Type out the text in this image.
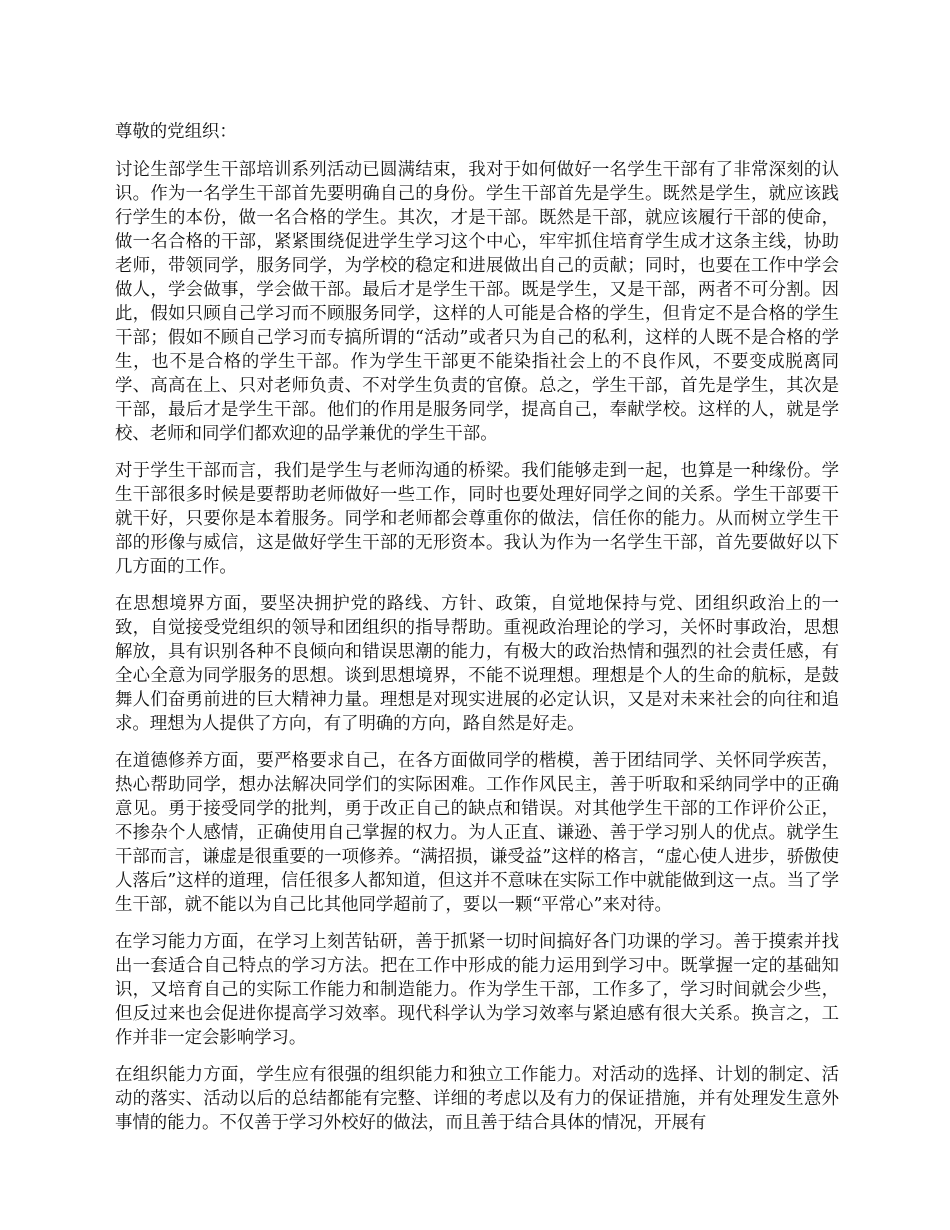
尊敬的党组织：

讨论生部学生干部培训系列活动已圆满结束，我对于如何做好一名学生干部有了非常深刻的认识。作为一名学生干部首先要明确自己的身份。学生干部首先是学生。既然是学生，就应该践行学生的本份，做一名合格的学生。其次，才是干部。既然是干部，就应该履行干部的使命，做一名合格的干部，紧紧围绕促进学生学习这个中心，牢牢抓住培育学生成才这条主线，协助老师，带领同学，服务同学，为学校的稳定和进展做出自己的贡献；同时，也要在工作中学会做人，学会做事，学会做干部。最后才是学生干部。既是学生，又是干部，两者不可分割。因此，假如只顾自己学习而不顾服务同学，这样的人可能是合格的学生，但肯定不是合格的学生干部；假如不顾自己学习而专搞所谓的“活动”或者只为自己的私利，这样的人既不是合格的学生，也不是合格的学生干部。作为学生干部更不能染指社会上的不良作风，不要变成脱离同学、高高在上、只对老师负责、不对学生负责的官僚。总之，学生干部，首先是学生，其次是干部，最后才是学生干部。他们的作用是服务同学，提高自己，奉献学校。这样的人，就是学校、老师和同学们都欢迎的品学兼优的学生干部。

对于学生干部而言，我们是学生与老师沟通的桥梁。我们能够走到一起，也算是一种缘份。学生干部很多时候是要帮助老师做好一些工作，同时也要处理好同学之间的关系。学生干部要干就干好，只要你是本着服务。同学和老师都会尊重你的做法，信任你的能力。从而树立学生干部的形像与威信，这是做好学生干部的无形资本。我认为作为一名学生干部，首先要做好以下几方面的工作。

在思想境界方面，要坚决拥护党的路线、方针、政策，自觉地保持与党、团组织政治上的一致，自觉接受党组织的领导和团组织的指导帮助。重视政治理论的学习，关怀时事政治，思想解放，具有识别各种不良倾向和错误思潮的能力，有极大的政治热情和强烈的社会责任感，有全心全意为同学服务的思想。谈到思想境界，不能不说理想。理想是个人的生命的航标，是鼓舞人们奋勇前进的巨大精神力量。理想是对现实进展的必定认识，又是对未来社会的向往和追求。理想为人提供了方向，有了明确的方向，路自然是好走。

在道德修养方面，要严格要求自己，在各方面做同学的楷模，善于团结同学、关怀同学疾苦，热心帮助同学，想办法解决同学们的实际困难。工作作风民主，善于听取和采纳同学中的正确意见。勇于接受同学的批判，勇于改正自己的缺点和错误。对其他学生干部的工作评价公正，不掺杂个人感情，正确使用自己掌握的权力。为人正直、谦逊、善于学习别人的优点。就学生干部而言，谦虚是很重要的一项修养。“满招损，谦受益”这样的格言，“虚心使人进步，骄傲使人落后”这样的道理，信任很多人都知道，但这并不意味在实际工作中就能做到这一点。当了学生干部，就不能以为自己比其他同学超前了，要以一颗“平常心”来对待。

在学习能力方面，在学习上刻苦钻研，善于抓紧一切时间搞好各门功课的学习。善于摸索并找出一套适合自己特点的学习方法。把在工作中形成的能力运用到学习中。既掌握一定的基础知识，又培育自己的实际工作能力和制造能力。作为学生干部，工作多了，学习时间就会少些，但反过来也会促进你提高学习效率。现代科学认为学习效率与紧迫感有很大关系。换言之，工作并非一定会影响学习。

在组织能力方面，学生应有很强的组织能力和独立工作能力。对活动的选择、计划的制定、活动的落实、活动以后的总结都能有完整、详细的考虑以及有力的保证措施，并有处理发生意外事情的能力。不仅善于学习外校好的做法，而且善于结合具体的情况，开展有
